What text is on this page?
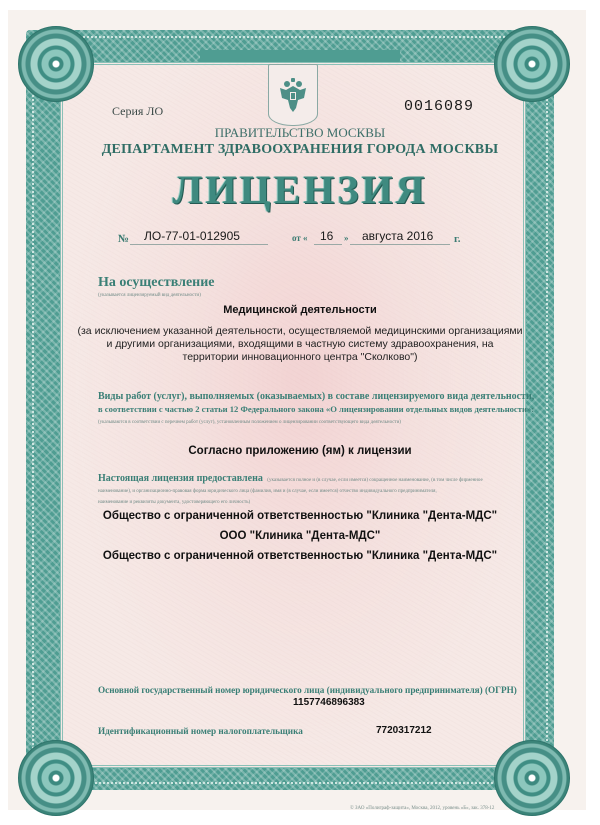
Серия ЛО	0016089
ПРАВИТЕЛЬСТВО МОСКВЫ
ДЕПАРТАМЕНТ ЗДРАВООХРАНЕНИЯ ГОРОДА МОСКВЫ
ЛИЦЕНЗИЯ
№ ЛО-77-01-012905	от « 16 » августа 2016 г.
На осуществление
(указывается лицензируемый вид деятельности)
Медицинской деятельности
(за исключением указанной деятельности, осуществляемой медицинскими организациями
и другими организациями, входящими в частную систему здравоохранения, на
территории инновационного центра "Сколково")
Виды работ (услуг), выполняемых (оказываемых) в составе лицензируемого вида деятельности,
в соответствии с частью 2 статьи 12 Федерального закона «О лицензировании отдельных видов деятельности»:
(указываются в соответствии с перечнем работ (услуг), установленным положением о лицензировании соответствующего вида деятельности)
Согласно приложению (ям) к лицензии
Настоящая лицензия предоставлена (указывается полное и (в случае, если имеется) сокращенное наименование, (в том числе фирменное
наименование), и организационно-правовая форма юридического лица (фамилия, имя и (в случае, если имеется) отчество индивидуального предпринимателя,
наименование и реквизиты документа, удостоверяющего его личность)
Общество с ограниченной ответственностью "Клиника "Дента-МДС"
ООО "Клиника "Дента-МДС"
Общество с ограниченной ответственностью "Клиника "Дента-МДС"
Основной государственный номер юридического лица (индивидуального предпринимателя) (ОГРН)
1157746896383
Идентификационный номер налогоплательщика	7720317212
© ЗАО «Полиграф-защита», Москва, 2012, уровень «Б», зак. 378-12
